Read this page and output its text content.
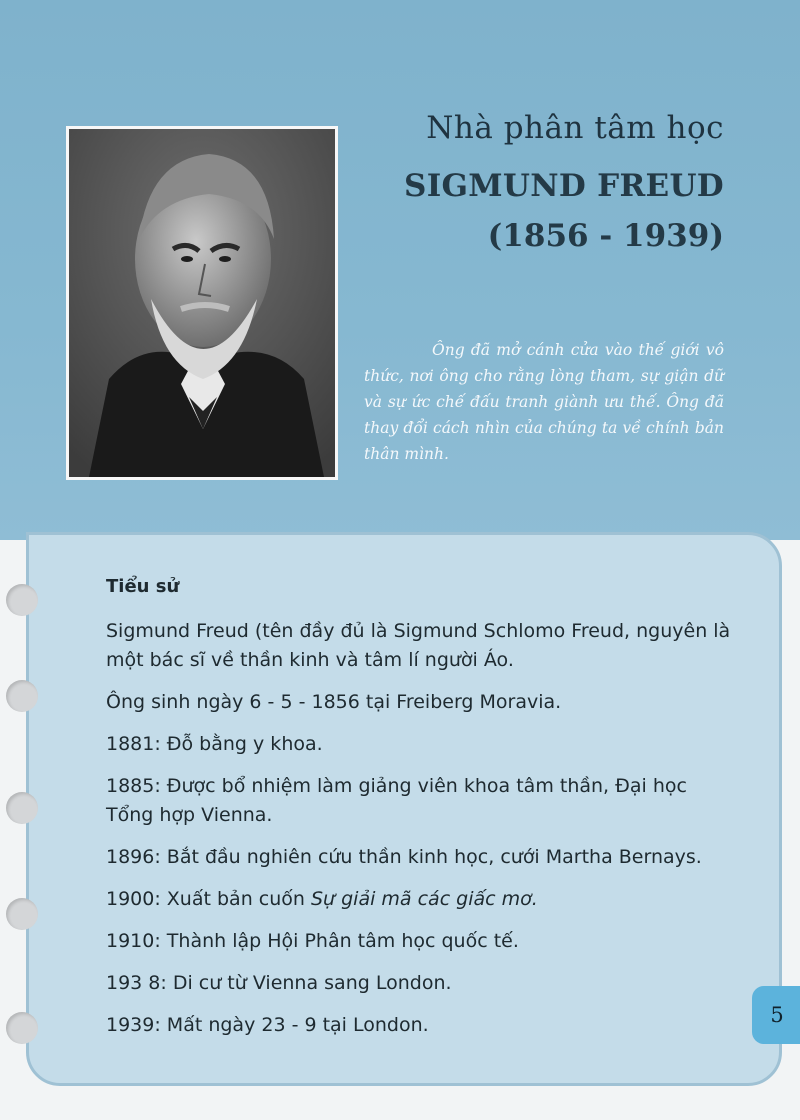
Nhà phân tâm học
SIGMUND FREUD
(1856 - 1939)
Ông đã mở cánh cửa vào thế giới vô thức, nơi ông cho rằng lòng tham, sự giận dữ và sự ức chế đấu tranh giành ưu thế. Ông đã thay đổi cách nhìn của chúng ta về chính bản thân mình.
Tiểu sử

Sigmund Freud (tên đầy đủ là Sigmund Schlomo Freud, nguyên là một bác sĩ về thần kinh và tâm lí người Áo.

Ông sinh ngày 6 - 5 - 1856 tại Freiberg Moravia.

1881: Đỗ bằng y khoa.

1885: Được bổ nhiệm làm giảng viên khoa tâm thần, Đại học Tổng hợp Vienna.

1896: Bắt đầu nghiên cứu thần kinh học, cưới Martha Bernays.

1900: Xuất bản cuốn Sự giải mã các giấc mơ.

1910: Thành lập Hội Phân tâm học quốc tế.

193 8: Di cư từ Vienna sang London.

1939: Mất ngày 23 - 9 tại London.	5
